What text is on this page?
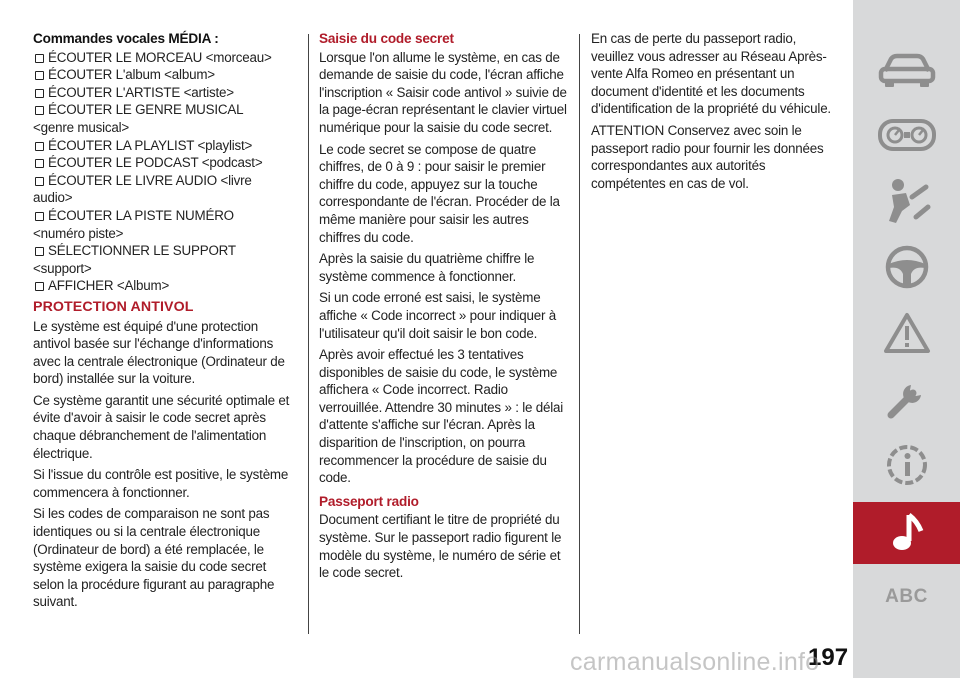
Commandes vocales MÉDIA :
ÉCOUTER LE MORCEAU <morceau>
ÉCOUTER L'album <album>
ÉCOUTER L'ARTISTE <artiste>
ÉCOUTER LE GENRE MUSICAL
<genre musical>
ÉCOUTER LA PLAYLIST <playlist>
ÉCOUTER LE PODCAST <podcast>
ÉCOUTER LE LIVRE AUDIO <livre
audio>
ÉCOUTER LA PISTE NUMÉRO
<numéro piste>
SÉLECTIONNER LE SUPPORT
<support>
AFFICHER <Album>
PROTECTION ANTIVOL

Le système est équipé d'une protection antivol basée sur l'échange d'informations avec la centrale électronique (Ordinateur de bord) installée sur la voiture.

Ce système garantit une sécurité optimale et évite d'avoir à saisir le code secret après chaque débranchement de l'alimentation électrique.

Si l'issue du contrôle est positive, le système commencera à fonctionner.

Si les codes de comparaison ne sont pas identiques ou si la centrale électronique (Ordinateur de bord) a été remplacée, le système exigera la saisie du code secret selon la procédure figurant au paragraphe suivant.

Saisie du code secret

Lorsque l'on allume le système, en cas de demande de saisie du code, l'écran affiche l'inscription « Saisir code antivol » suivie de la page-écran représentant le clavier virtuel numérique pour la saisie du code secret.

Le code secret se compose de quatre chiffres, de 0 à 9 : pour saisir le premier chiffre du code, appuyez sur la touche correspondante de l'écran. Procéder de la même manière pour saisir les autres chiffres du code.

Après la saisie du quatrième chiffre le système commence à fonctionner.

Si un code erroné est saisi, le système affiche « Code incorrect » pour indiquer à l'utilisateur qu'il doit saisir le bon code.

Après avoir effectué les 3 tentatives disponibles de saisie du code, le système affichera « Code incorrect. Radio verrouillée. Attendre 30 minutes » : le délai d'attente s'affiche sur l'écran. Après la disparition de l'inscription, on pourra recommencer la procédure de saisie du code.

Passeport radio

Document certifiant le titre de propriété du système. Sur le passeport radio figurent le modèle du système, le numéro de série et le code secret.

En cas de perte du passeport radio, veuillez vous adresser au Réseau Après-vente Alfa Romeo en présentant un document d'identité et les documents d'identification de la propriété du véhicule.

ATTENTION Conservez avec soin le passeport radio pour fournir les données correspondantes aux autorités compétentes en cas de vol.

ABC
197
carmanualsonline.info
